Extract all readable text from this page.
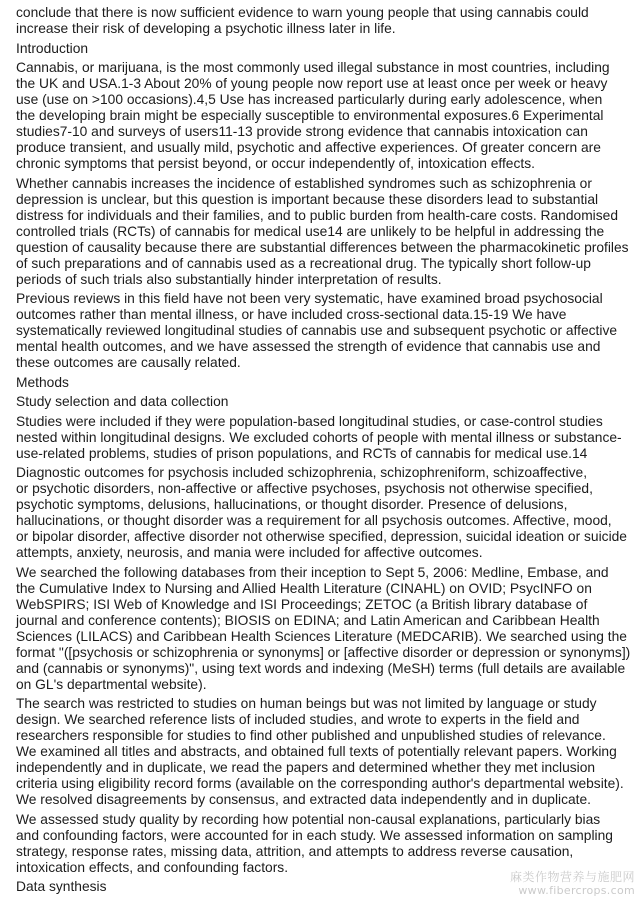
conclude that there is now sufficient evidence to warn young people that using cannabis could
increase their risk of developing a psychotic illness later in life.
Introduction
Cannabis, or marijuana, is the most commonly used illegal substance in most countries, including
the UK and USA.1-3 About 20% of young people now report use at least once per week or heavy
use (use on >100 occasions).4,5 Use has increased particularly during early adolescence, when
the developing brain might be especially susceptible to environmental exposures.6 Experimental
studies7-10 and surveys of users11-13 provide strong evidence that cannabis intoxication can
produce transient, and usually mild, psychotic and affective experiences. Of greater concern are
chronic symptoms that persist beyond, or occur independently of, intoxication effects.
Whether cannabis increases the incidence of established syndromes such as schizophrenia or
depression is unclear, but this question is important because these disorders lead to substantial
distress for individuals and their families, and to public burden from health-care costs. Randomised
controlled trials (RCTs) of cannabis for medical use14 are unlikely to be helpful in addressing the
question of causality because there are substantial differences between the pharmacokinetic profiles
of such preparations and of cannabis used as a recreational drug. The typically short follow-up
periods of such trials also substantially hinder interpretation of results.
Previous reviews in this field have not been very systematic, have examined broad psychosocial
outcomes rather than mental illness, or have included cross-sectional data.15-19 We have
systematically reviewed longitudinal studies of cannabis use and subsequent psychotic or affective
mental health outcomes, and we have assessed the strength of evidence that cannabis use and
these outcomes are causally related.
Methods
Study selection and data collection
Studies were included if they were population-based longitudinal studies, or case-control studies
nested within longitudinal designs. We excluded cohorts of people with mental illness or substance-
use-related problems, studies of prison populations, and RCTs of cannabis for medical use.14
Diagnostic outcomes for psychosis included schizophrenia, schizophreniform, schizoaffective,
or psychotic disorders, non-affective or affective psychoses, psychosis not otherwise specified,
psychotic symptoms, delusions, hallucinations, or thought disorder. Presence of delusions,
hallucinations, or thought disorder was a requirement for all psychosis outcomes. Affective, mood,
or bipolar disorder, affective disorder not otherwise specified, depression, suicidal ideation or suicide
attempts, anxiety, neurosis, and mania were included for affective outcomes.
We searched the following databases from their inception to Sept 5, 2006: Medline, Embase, and
the Cumulative Index to Nursing and Allied Health Literature (CINAHL) on OVID; PsycINFO on
WebSPIRS; ISI Web of Knowledge and ISI Proceedings; ZETOC (a British library database of
journal and conference contents); BIOSIS on EDINA; and Latin American and Caribbean Health
Sciences (LILACS) and Caribbean Health Sciences Literature (MEDCARIB). We searched using the
format "([psychosis or schizophrenia or synonyms] or [affective disorder or depression or synonyms])
and (cannabis or synonyms)", using text words and indexing (MeSH) terms (full details are available
on GL's departmental website).
The search was restricted to studies on human beings but was not limited by language or study
design. We searched reference lists of included studies, and wrote to experts in the field and
researchers responsible for studies to find other published and unpublished studies of relevance.
We examined all titles and abstracts, and obtained full texts of potentially relevant papers. Working
independently and in duplicate, we read the papers and determined whether they met inclusion
criteria using eligibility record forms (available on the corresponding author's departmental website).
We resolved disagreements by consensus, and extracted data independently and in duplicate.
We assessed study quality by recording how potential non-causal explanations, particularly bias
and confounding factors, were accounted for in each study. We assessed information on sampling
strategy, response rates, missing data, attrition, and attempts to address reverse causation,
intoxication effects, and confounding factors.
Data synthesis
麻类作物营养与施肥网
www.fibercrops.com
